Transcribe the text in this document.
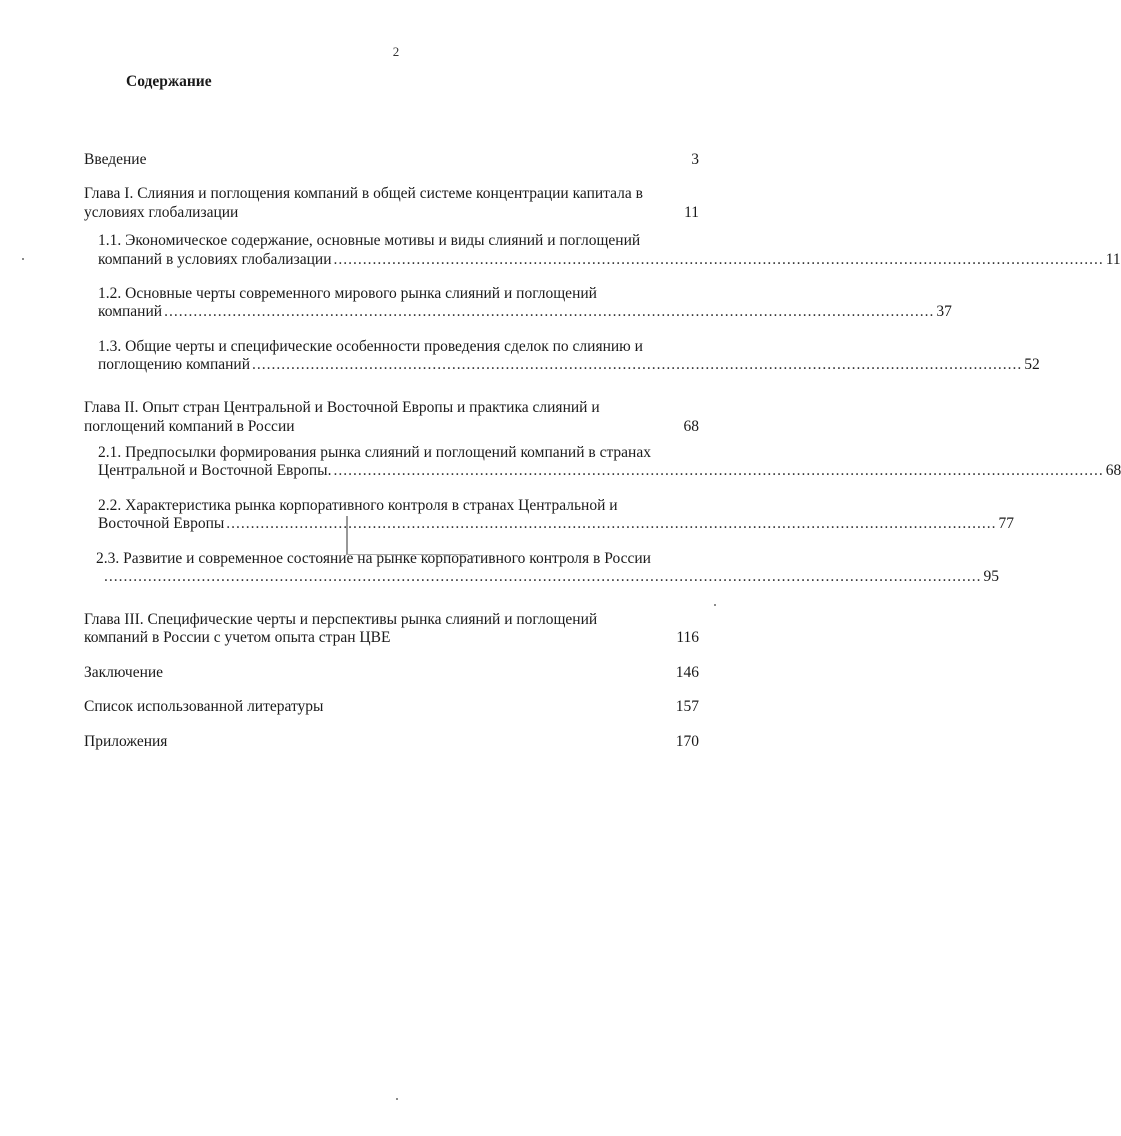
2
Содержание
Введение	3
Глава I. Слияния и поглощения компаний в общей системе концентрации капитала в
условиях глобализации	11
1.1. Экономическое содержание, основные мотивы и виды слияний и поглощений
компаний в условиях глобализации .............................................................................................................................................................. 11
1.2. Основные черты современного мирового рынка слияний и поглощений
компаний .............................................................................................................................................................. 37
1.3. Общие черты и специфические особенности проведения сделок по слиянию и
поглощению компаний .............................................................................................................................................................. 52
Глава II. Опыт стран Центральной и Восточной Европы и практика слияний и
поглощений компаний в России	68
2.1. Предпосылки формирования рынка слияний и поглощений компаний в странах
Центральной и Восточной Европы. .............................................................................................................................................................. 68
2.2. Характеристика рынка корпоративного контроля в странах Центральной и
Восточной Европы .............................................................................................................................................................. 77
2.3. Развитие и современное состояние на рынке корпоративного контроля в России
.................................................................................................................................................................................... 95
Глава III. Специфические черты и перспективы рынка слияний и поглощений
компаний в России с учетом опыта стран ЦВЕ	116
Заключение	146
Список использованной литературы	157
Приложения	170
